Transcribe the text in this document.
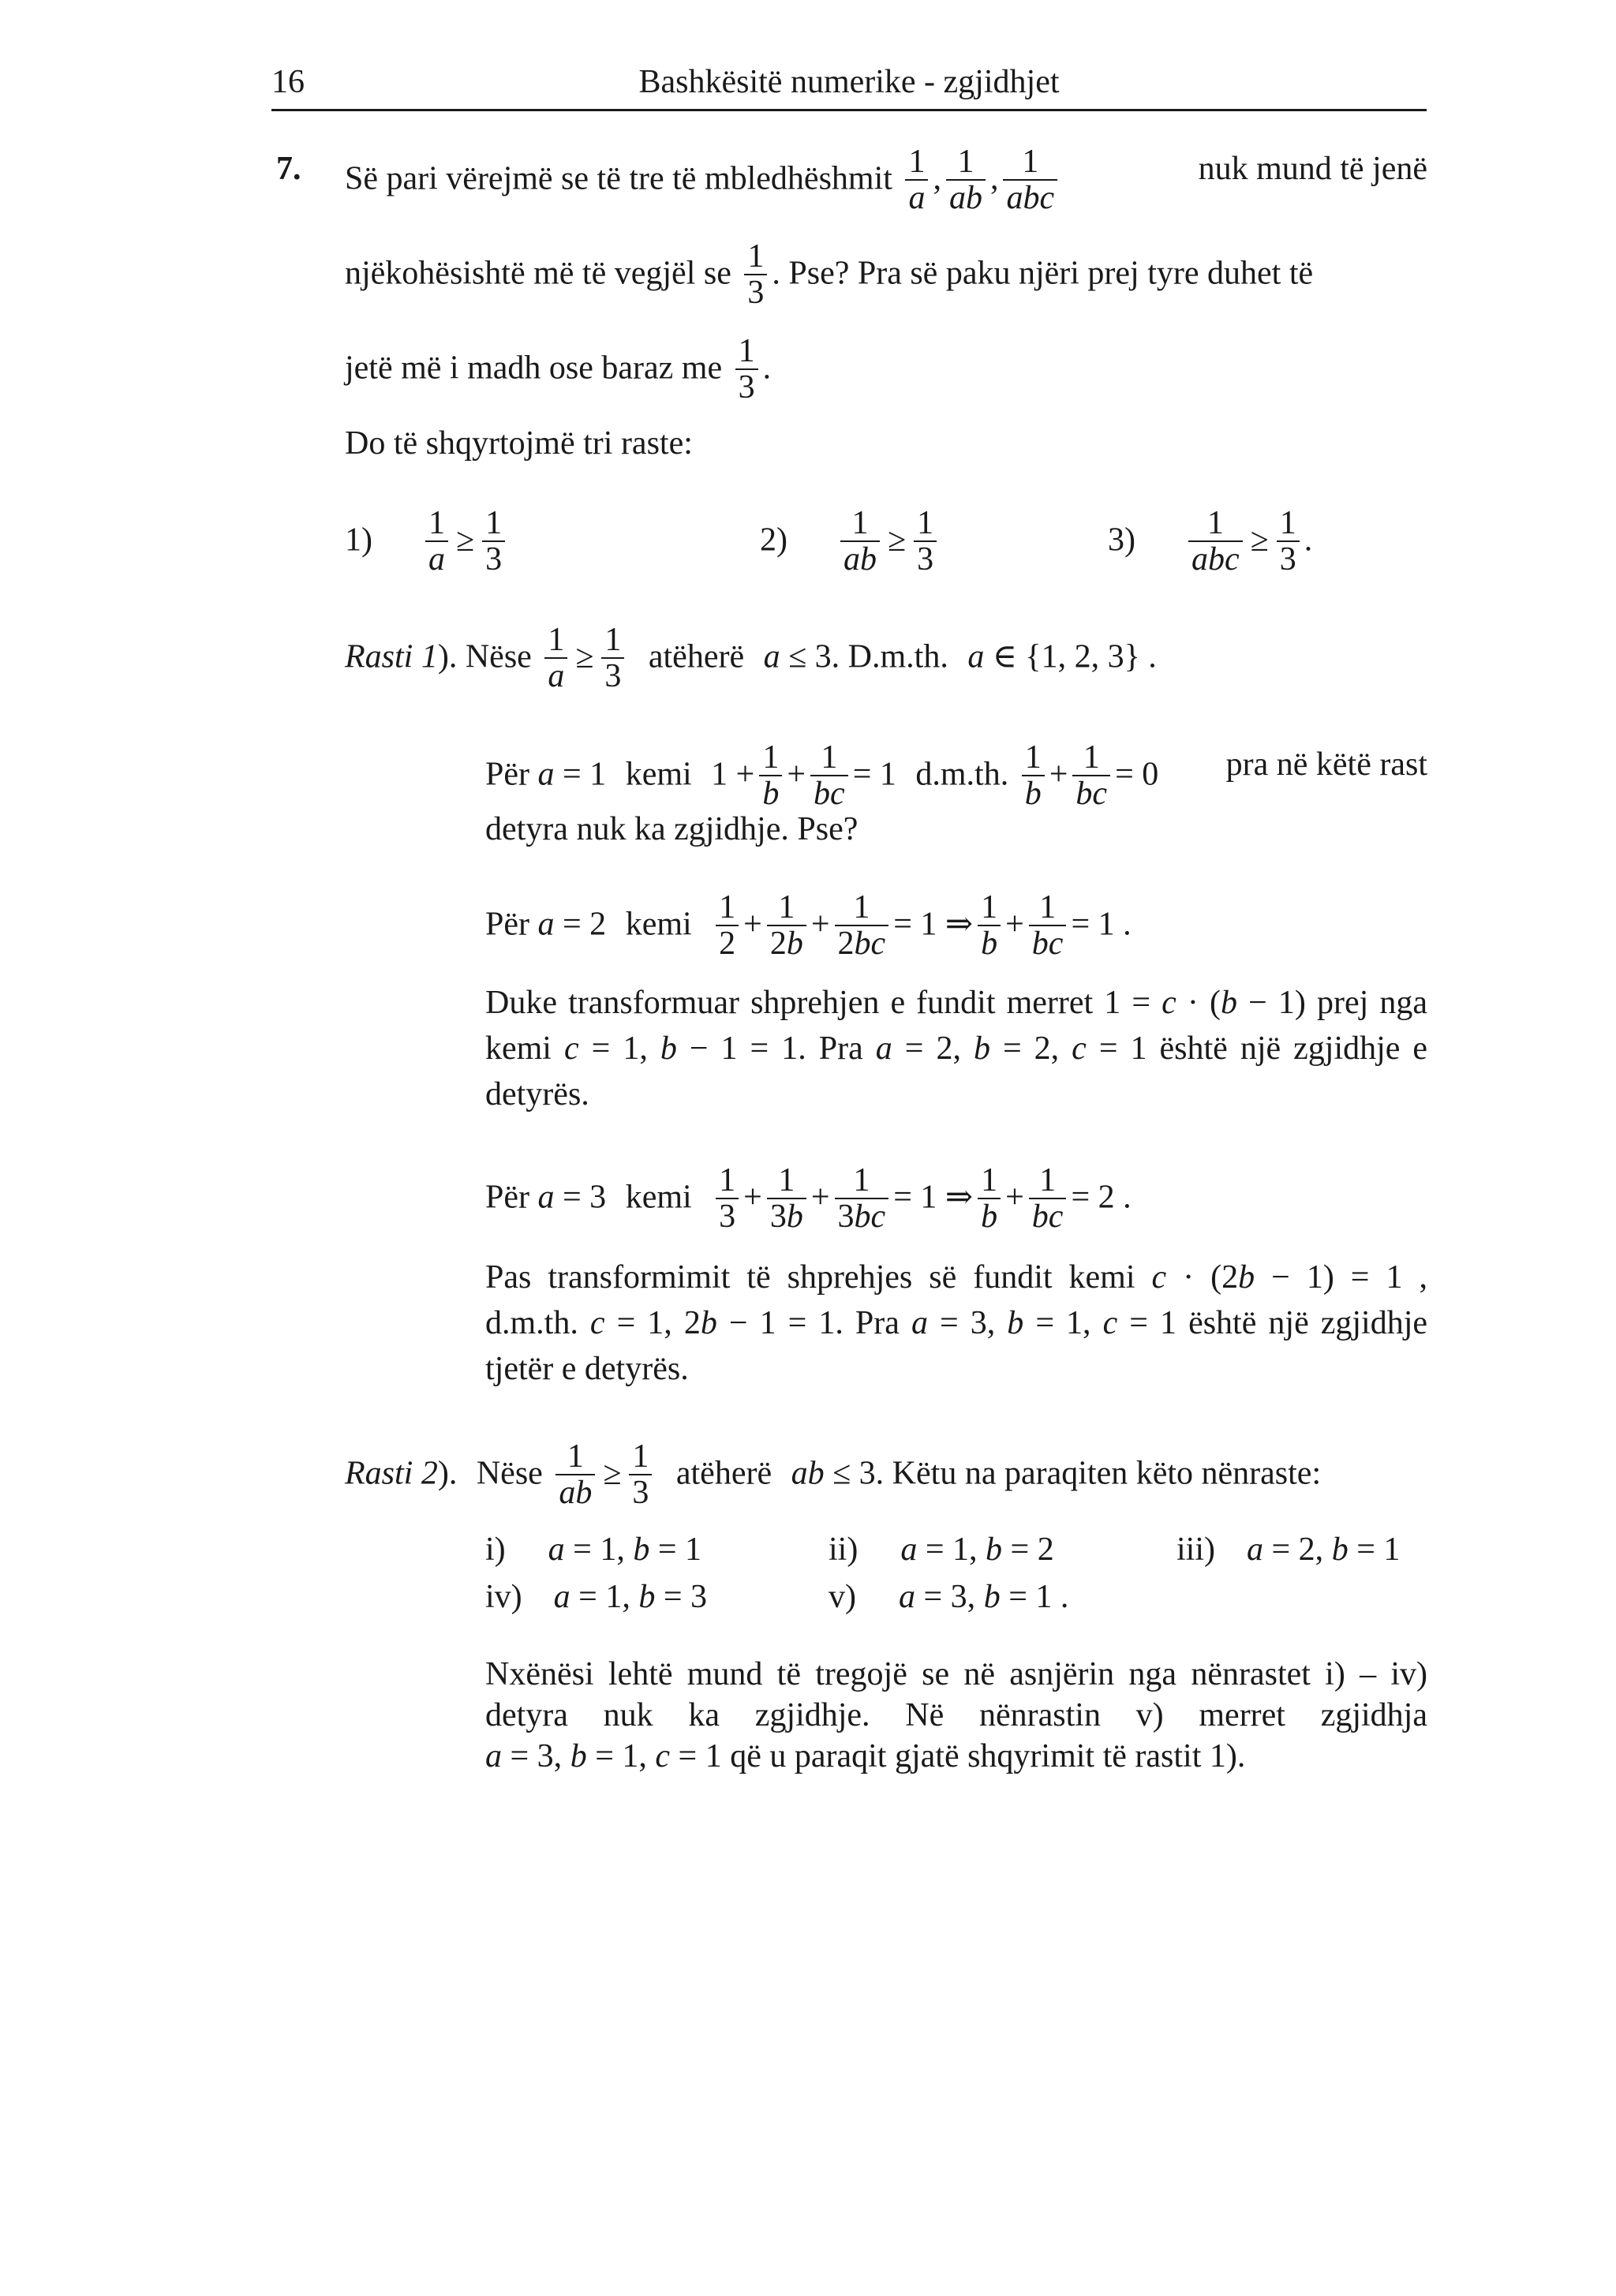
16	Bashkësitë numerike - zgjidhjet
7. Së pari vërejmë se të tre të mbledhëshmit $\frac{1}{a}$ , $\frac{1}{ab}$ , $\frac{1}{\text{abc}}$	nuk mund të jenë
njëkohësishtë më të vegjël se $\frac{1}{3}$ . Pse? Pra së paku njëri prej tyre duhet të
jetë më i madh ose baraz me $\frac{1}{3}$ .
Do të shqyrtojmë tri raste:
$1) \frac{1}{a} \ge \frac{1}{3}$	$2) \frac{1}{ab} \ge \frac{1}{3}$	$3) \frac{1}{\text{abc}} \ge \frac{1}{3}$ .
Rasti 1). Nëse $\frac{1}{a} \ge \frac{1}{3}$ atëherë a ≤ 3. D.m.th. a ∈ {1, 2, 3} .
Për a = 1 kemi $1 + \frac{1}{b} + \frac{1}{bc} = 1$ d.m.th. $\frac{1}{b} + \frac{1}{bc} = 0$ pra në këtë rast
detyra nuk ka zgjidhje. Pse?
Për a = 2 kemi $\frac{1}{2} + \frac{1}{2b} + \frac{1}{2bc} = 1$ ⇒ $\frac{1}{b} + \frac{1}{bc} = 1$ .
Duke transformuar shprehjen e fundit merret 1 = c · (b − 1) prej nga
kemi c = 1, b − 1 = 1. Pra a = 2, b = 2, c = 1 është një zgjidhje e
detyrës.
Për a = 3 kemi $\frac{1}{3} + \frac{1}{3b} + \frac{1}{3bc} = 1$ ⇒ $\frac{1}{b} + \frac{1}{bc} = 2$ .
Pas transformimit të shprehjes së fundit kemi c · (2b − 1) = 1 ,
d.m.th. c = 1, 2b − 1 = 1. Pra a = 3, b = 1, c = 1 është një zgjidhje
tjetër e detyrës.
Rasti 2). Nëse $\frac{1}{ab} \ge \frac{1}{3}$ atëherë ab ≤ 3. Këtu na paraqiten këto nënraste:
i) a = 1, b = 1	ii) a = 1, b = 2	iii) a = 2, b = 1
iv) a = 1, b = 3	v) a = 3, b = 1 .
Nxënësi lehtë mund të tregojë se në asnjërin nga nënrastet i) – iv)
detyra nuk ka zgjidhje. Në nënrastin v) merret zgjidhja
a = 3, b = 1, c = 1 që u paraqit gjatë shqyrimit të rastit 1).
